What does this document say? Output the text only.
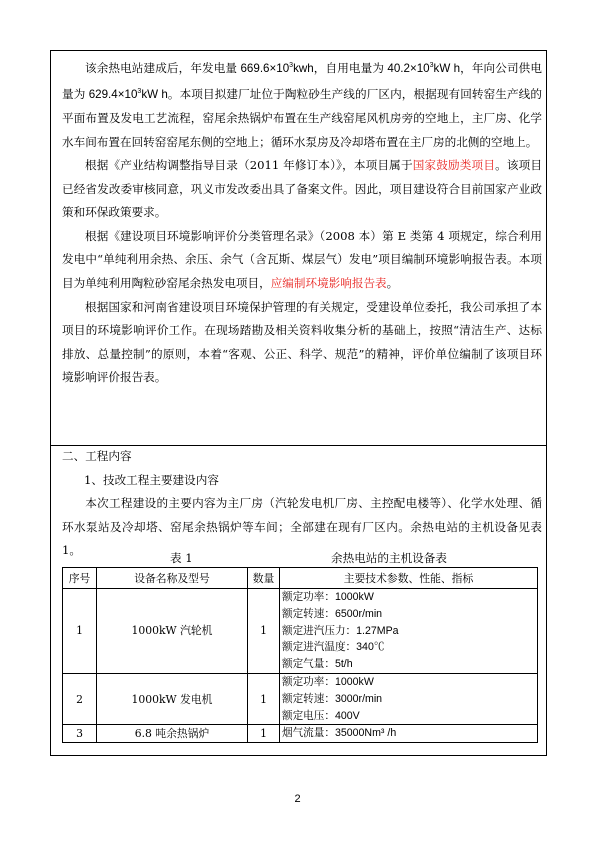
该余热电站建成后，年发电量 $669.6\times 10^3kwh$，自用电量为 $40.2\times 10^3kW$ h，年向公司供电量为 $629.4\times 10^3kW$ h。本项目拟建厂址位于陶粒砂生产线的厂区内，根据现有回转窑生产线的平面布置及发电工艺流程，窑尾余热锅炉布置在生产线窑尾风机房旁的空地上，主厂房、化学水车间布置在回转窑窑尾东侧的空地上；循环水泵房及冷却塔布置在主厂房的北侧的空地上。

根据《产业结构调整指导目录（2011 年修订本）》，本项目属于国家鼓励类项目。该项目已经省发改委审核同意，巩义市发改委出具了备案文件。因此，项目建设符合目前国家产业政策和环保政策要求。

根据《建设项目环境影响评价分类管理名录》（2008 本）第 E 类第 4 项规定，综合利用发电中“单纯利用余热、余压、余气（含瓦斯、煤层气）发电”项目编制环境影响报告表。本项目为单纯利用陶粒砂窑尾余热发电项目，应编制环境影响报告表。

根据国家和河南省建设项目环境保护管理的有关规定，受建设单位委托，我公司承担了本项目的环境影响评价工作。在现场踏勘及相关资料收集分析的基础上，按照“清洁生产、达标排放、总量控制”的原则，本着“客观、公正、科学、规范”的精神，评价单位编制了该项目环境影响评价报告表。

二、工程内容
1、技改工程主要建设内容
本次工程建设的主要内容为主厂房（汽轮发电机厂房、主控配电楼等）、化学水处理、循环水泵站及冷却塔、窑尾余热锅炉等车间；全部建在现有厂区内。余热电站的主机设备见表 1。
表 1	余热电站的主机设备表
序号	设备名称及型号	数量	主要技术参数、性能、指标
1	1000kW 汽轮机	1	额定功率：1000kW
额定转速：6500r/min
额定进汽压力：1.27MPa
额定进汽温度：340℃
额定气量：5t/h

2	1000kW 发电机	1	额定功率：1000kW
额定转速：3000r/min
额定电压：400V

3	6.8 吨余热锅炉	1	烟气流量：35000Nm³ /h
2
